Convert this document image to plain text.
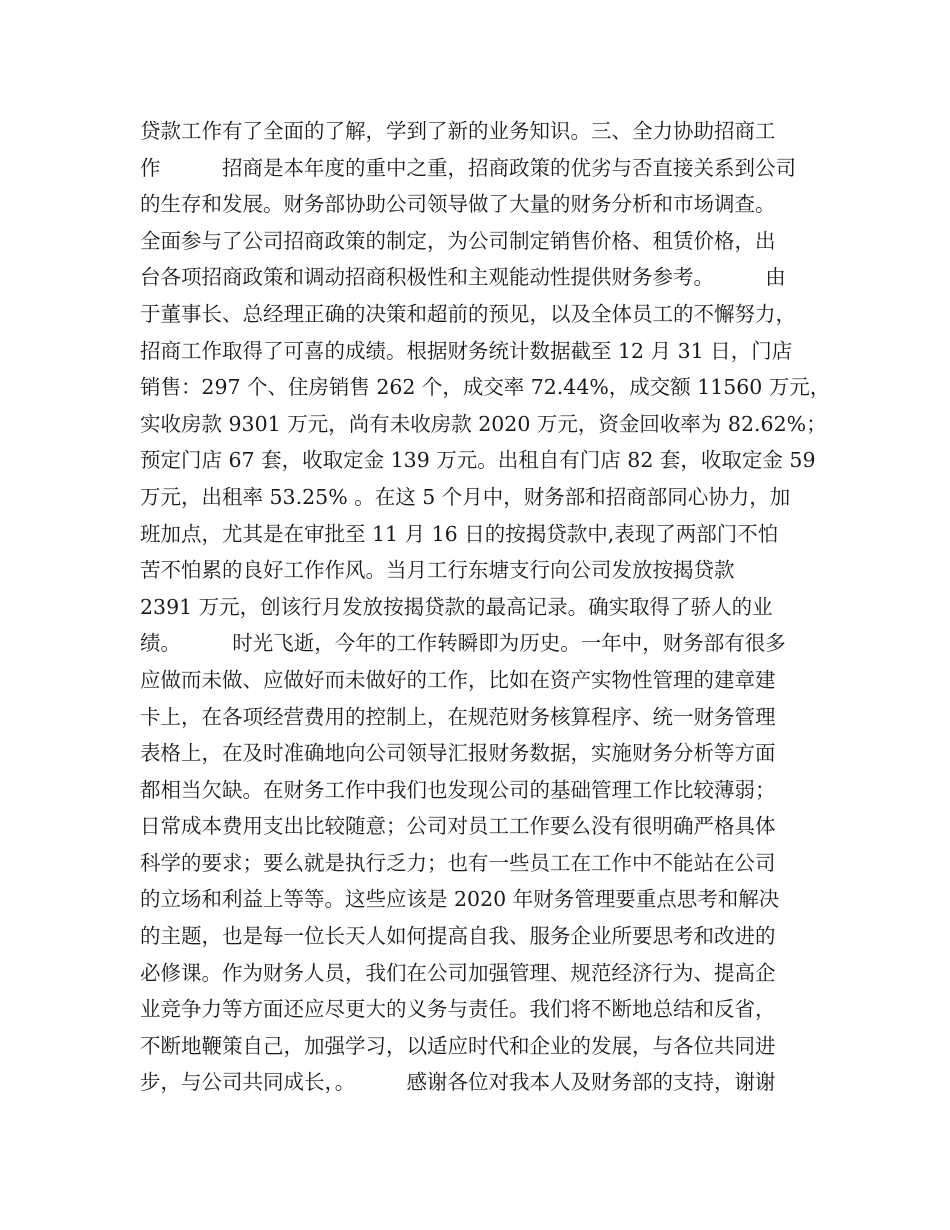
贷款工作有了全面的了解，学到了新的业务知识。三、全力协助招商工
作　　　招商是本年度的重中之重，招商政策的优劣与否直接关系到公司
的生存和发展。财务部协助公司领导做了大量的财务分析和市场调查。
全面参与了公司招商政策的制定，为公司制定销售价格、租赁价格，出
台各项招商政策和调动招商积极性和主观能动性提供财务参考。　　　由
于董事长、总经理正确的决策和超前的预见，以及全体员工的不懈努力，
招商工作取得了可喜的成绩。根据财务统计数据截至 12 月 31 日，门店
销售：297 个、住房销售 262 个，成交率 72.44%，成交额 11560 万元，
实收房款 9301 万元，尚有未收房款 2020 万元，资金回收率为 82.62%；
预定门店 67 套，收取定金 139 万元。出租自有门店 82 套，收取定金 59
万元，出租率 53.25% 。在这 5 个月中，财务部和招商部同心协力，加
班加点，尤其是在审批至 11 月 16 日的按揭贷款中,表现了两部门不怕
苦不怕累的良好工作作风。当月工行东塘支行向公司发放按揭贷款
2391 万元，创该行月发放按揭贷款的最高记录。确实取得了骄人的业
绩。　　　时光飞逝，今年的工作转瞬即为历史。一年中，财务部有很多
应做而未做、应做好而未做好的工作，比如在资产实物性管理的建章建
卡上，在各项经营费用的控制上，在规范财务核算程序、统一财务管理
表格上，在及时准确地向公司领导汇报财务数据，实施财务分析等方面
都相当欠缺。在财务工作中我们也发现公司的基础管理工作比较薄弱；
日常成本费用支出比较随意；公司对员工工作要么没有很明确严格具体
科学的要求；要么就是执行乏力；也有一些员工在工作中不能站在公司
的立场和利益上等等。这些应该是 2020 年财务管理要重点思考和解决
的主题，也是每一位长天人如何提高自我、服务企业所要思考和改进的
必修课。作为财务人员，我们在公司加强管理、规范经济行为、提高企
业竞争力等方面还应尽更大的义务与责任。我们将不断地总结和反省，
不断地鞭策自己，加强学习，以适应时代和企业的发展，与各位共同进
步，与公司共同成长，。　　　感谢各位对我本人及财务部的支持，谢谢
